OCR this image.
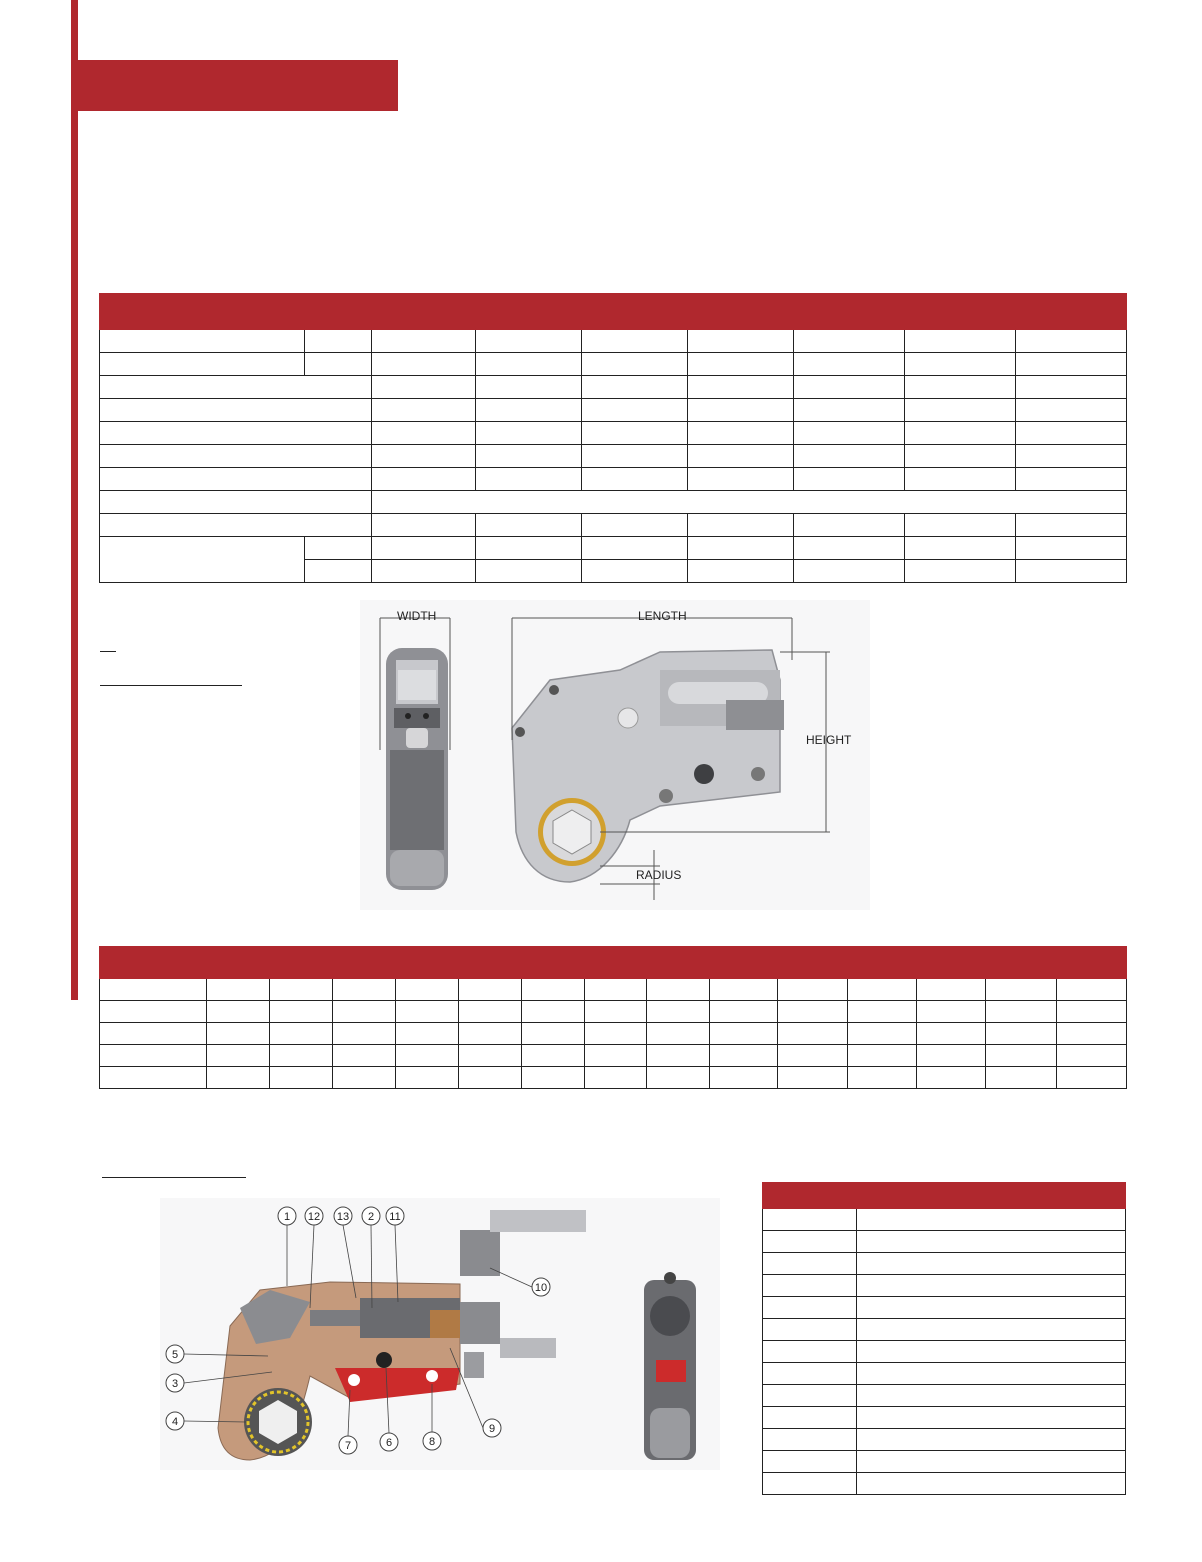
WIDTH	LENGTH
HEIGHT
RADIUS

1 12 13 2 11
10
5
3
4
7	6	8
9
